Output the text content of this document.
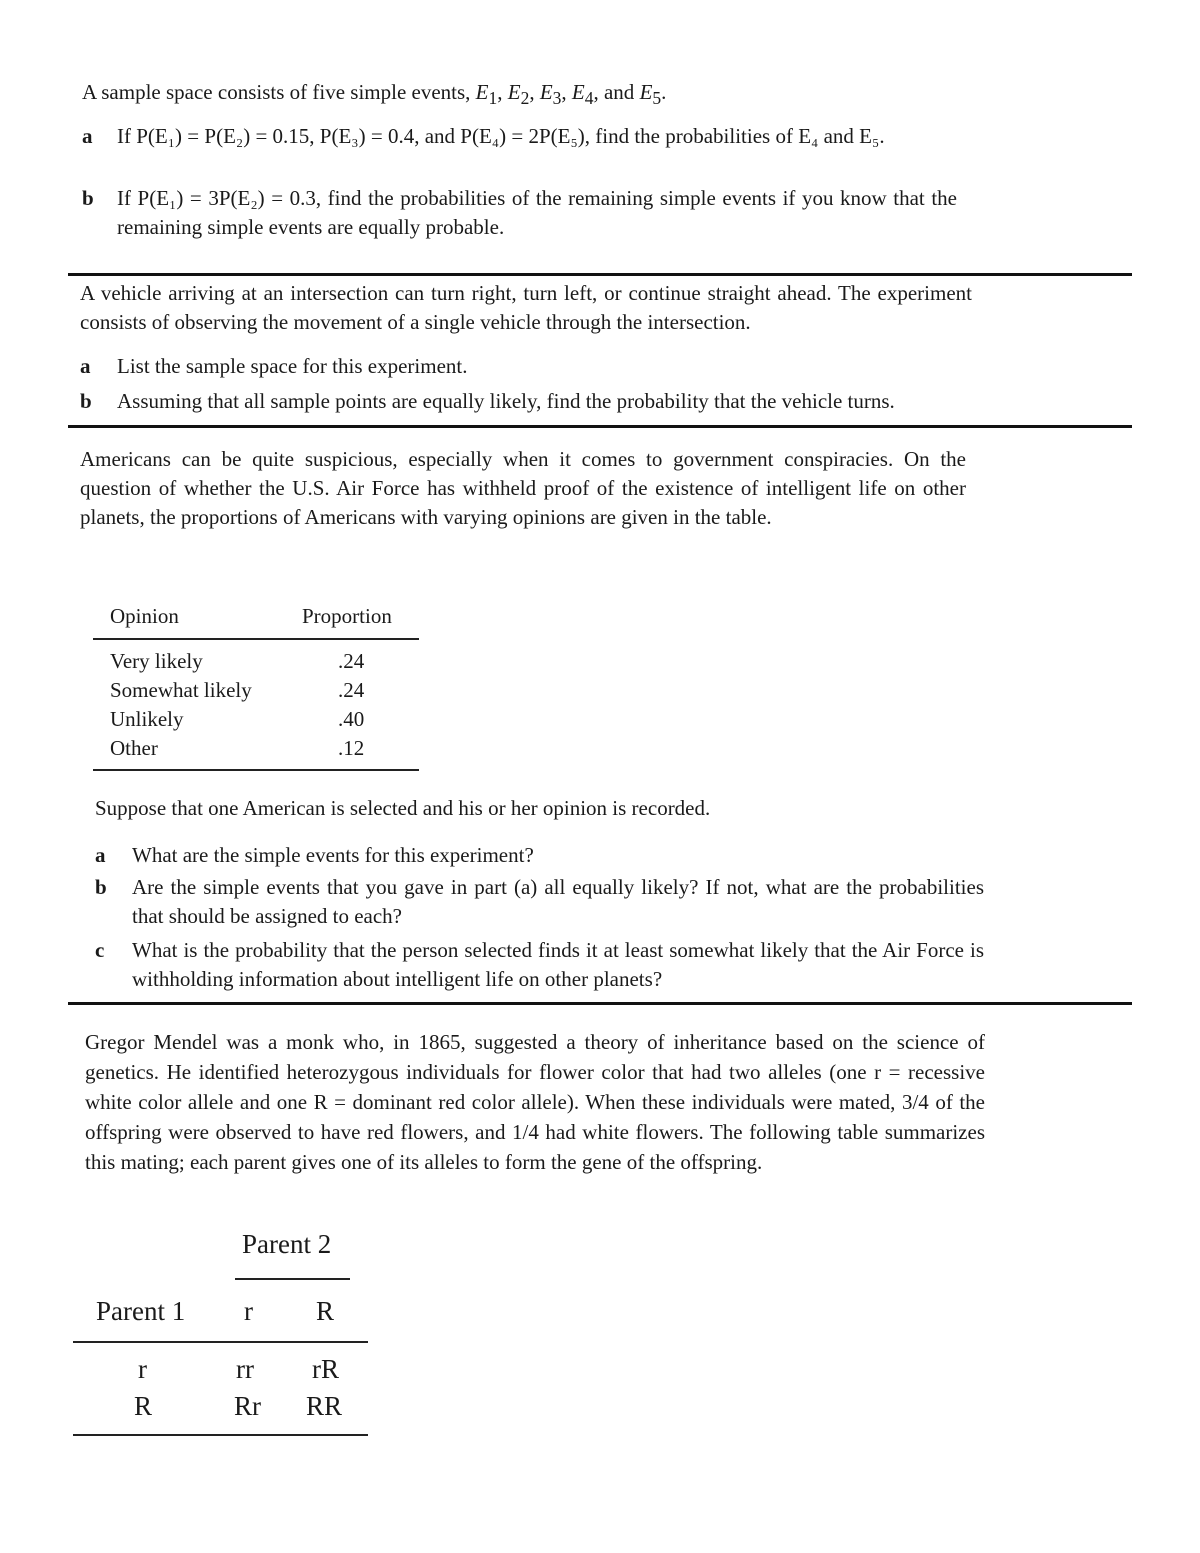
A sample space consists of five simple events, $E_1$, $E_2$, $E_3$, $E_4$, and $E_5$.
a	If P(E₁) = P(E₂) = 0.15, P(E₃) = 0.4, and P(E₄) = 2P(E₅), find the probabilities of E₄ and E₅.
b	If P(E₁) = 3P(E₂) = 0.3, find the probabilities of the remaining simple events if you know that the remaining simple events are equally probable.
A vehicle arriving at an intersection can turn right, turn left, or continue straight ahead. The experiment consists of observing the movement of a single vehicle through the intersection.
a	List the sample space for this experiment.
b	Assuming that all sample points are equally likely, find the probability that the vehicle turns.
Americans can be quite suspicious, especially when it comes to government conspiracies. On the question of whether the U.S. Air Force has withheld proof of the existence of intelligent life on other planets, the proportions of Americans with varying opinions are given in the table.
Opinion	Proportion
Very likely	.24
Somewhat likely	.24
Unlikely	.40
Other	.12
Suppose that one American is selected and his or her opinion is recorded.
a	What are the simple events for this experiment?
b	Are the simple events that you gave in part (a) all equally likely? If not, what are the probabilities that should be assigned to each?
c	What is the probability that the person selected finds it at least somewhat likely that the Air Force is withholding information about intelligent life on other planets?
Gregor Mendel was a monk who, in 1865, suggested a theory of inheritance based on the science of genetics. He identified heterozygous individuals for flower color that had two alleles (one r = recessive white color allele and one R = dominant red color allele). When these individuals were mated, 3/4 of the offspring were observed to have red flowers, and 1/4 had white flowers. The following table summarizes this mating; each parent gives one of its alleles to form the gene of the offspring.
Parent 2
Parent 1 r R
r	rr rR
R	Rr RR
